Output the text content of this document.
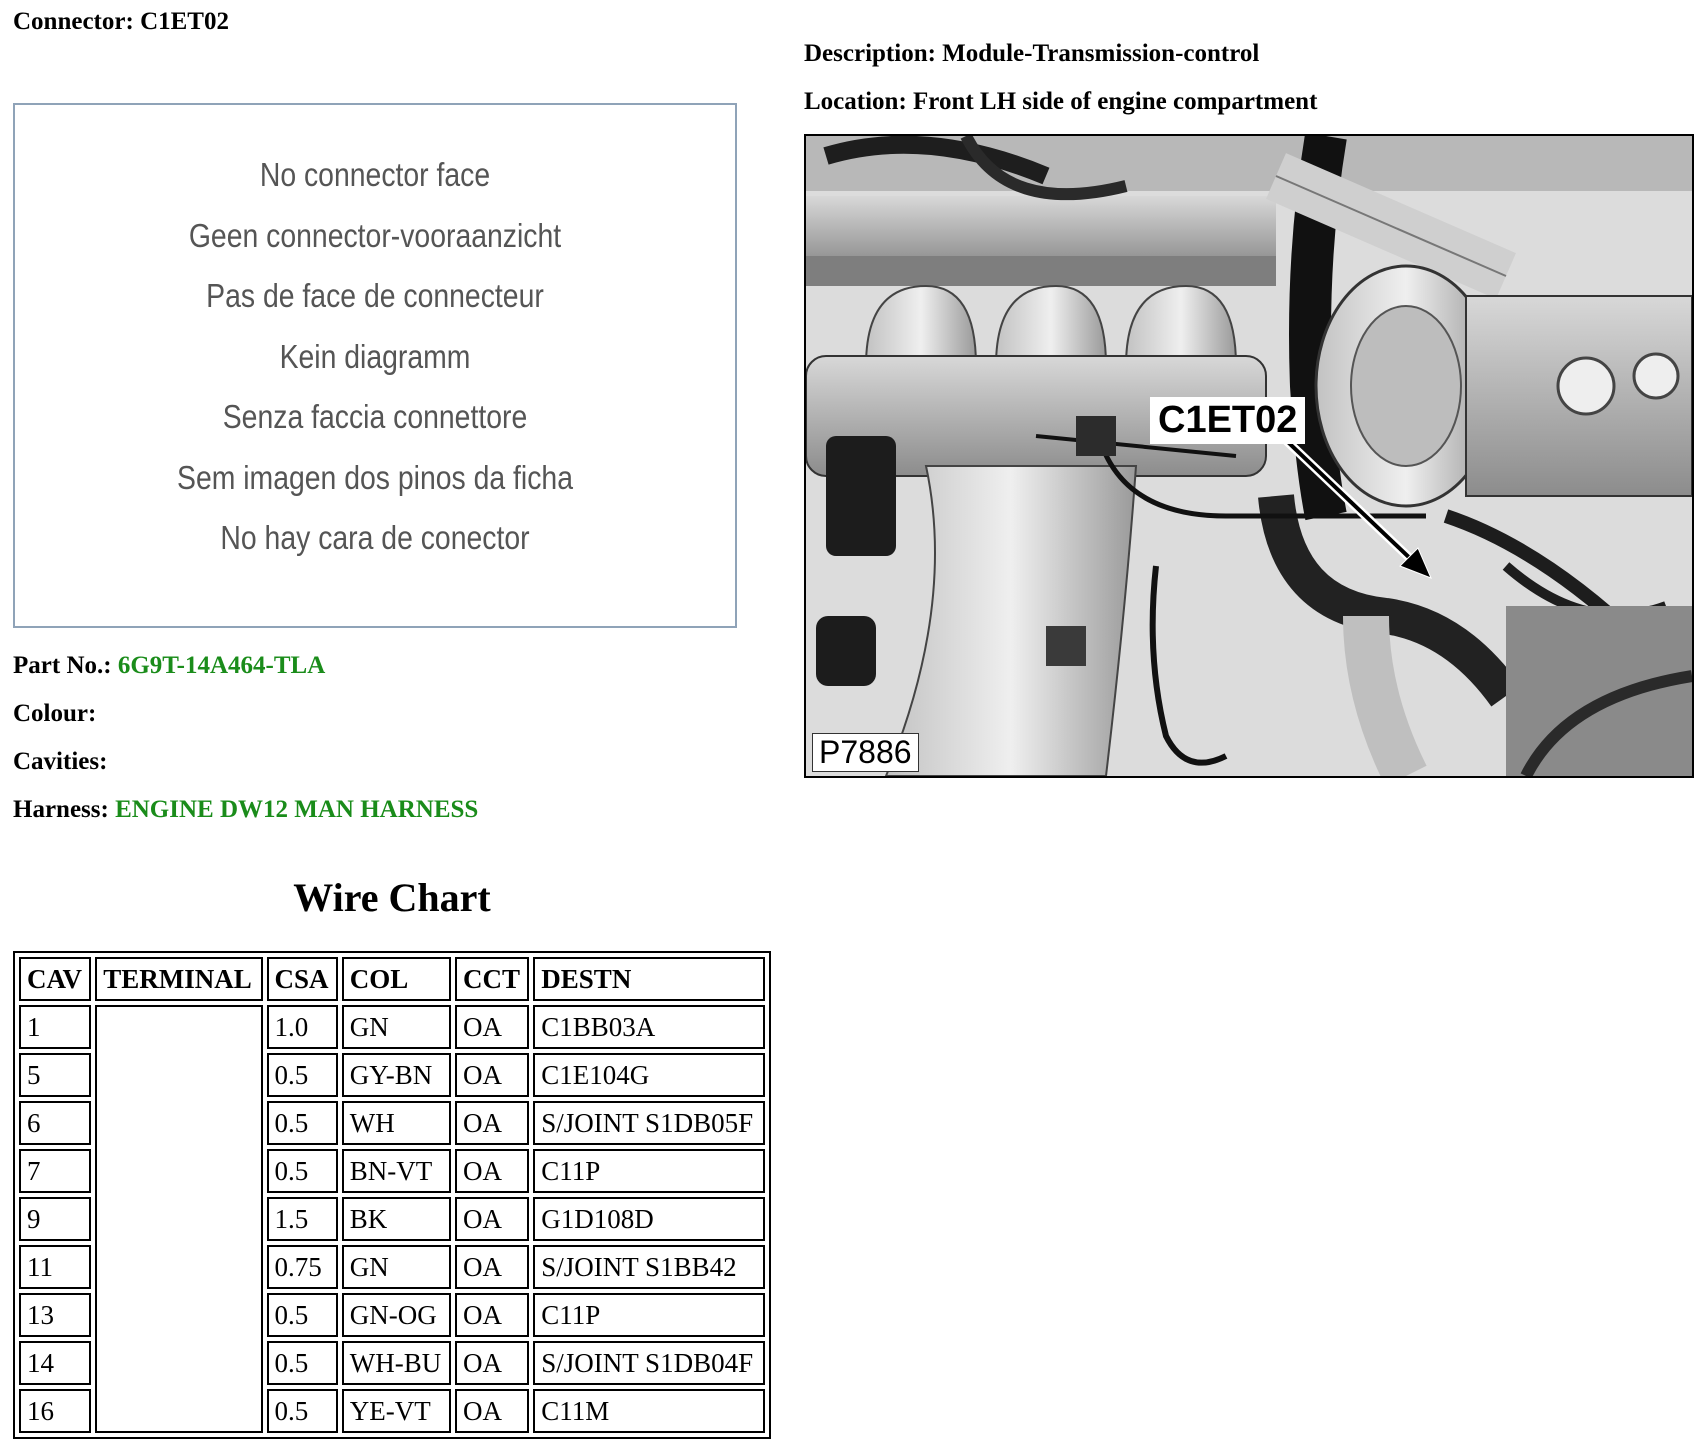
Connector: C1ET02
Description: Module-Transmission-control
Location: Front LH side of engine compartment
No connector face
Geen connector-vooraanzicht
Pas de face de connecteur
Kein diagramm
Senza faccia connettore
Sem imagen dos pinos da ficha
No hay cara de conector
Part No.: 6G9T-14A464-TLA
Colour:
Cavities:
Harness: ENGINE DW12 MAN HARNESS
Wire Chart
CAV	TERMINAL	CSA	COL	CCT	DESTN
1		1.0	GN	OA	C1BB03A
5		0.5	GY-BN	OA	C1E104G
6		0.5	WH	OA	S/JOINT S1DB05F
7		0.5	BN-VT	OA	C11P
9		1.5	BK	OA	G1D108D
11		0.75	GN	OA	S/JOINT S1BB42
13		0.5	GN-OG	OA	C11P
14		0.5	WH-BU	OA	S/JOINT S1DB04F
16		0.5	YE-VT	OA	C11M
C1ET02
P7886
